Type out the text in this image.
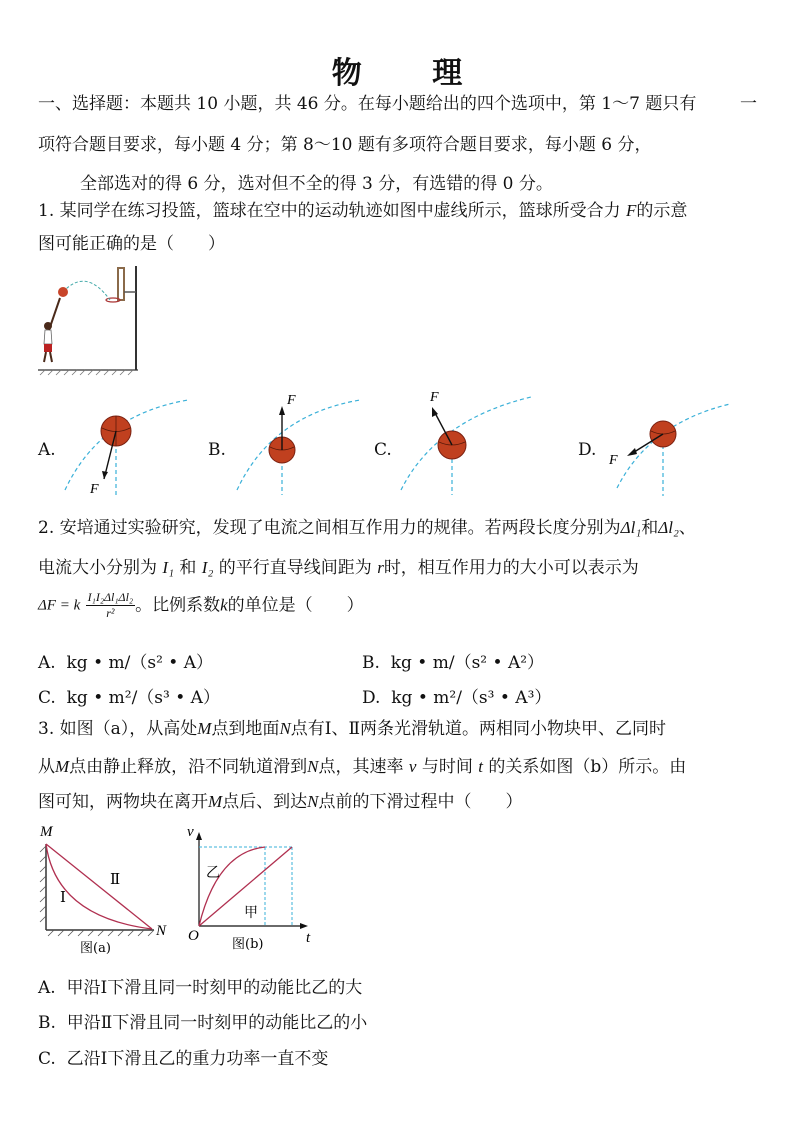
物 理
一、选择题：本题共 10 小题，共 46 分。在每小题给出的四个选项中，第 1～7 题只有	一
项符合题目要求，每小题 4 分；第 8～10 题有多项符合题目要求，每小题 6 分，
全部选对的得 6 分，选对但不全的得 3 分，有选错的得 0 分。
1. 某同学在练习投篮，篮球在空中的运动轨迹如图中虚线所示，篮球所受合力 F的示意
图可能正确的是（　　）
A.
F
B.
F
C.
F
D.
F
2. 安培通过实验研究，发现了电流之间相互作用力的规律。若两段长度分别为Δl₁和Δl₂、
电流大小分别为 I₁ 和 I₂ 的平行直导线间距为 r时，相互作用力的大小可以表示为
ΔF = k $\frac{\text{I₁I₂Δl₁Δl₂}}{\text{r²}}$ 。比例系数k的单位是（　　）
A. kg • m/（s² • A）	B. kg • m/（s² • A²）
C. kg • m²/（s³ • A）	D. kg • m²/（s³ • A³）
3. 如图（a），从高处M点到地面N点有Ⅰ、Ⅱ两条光滑轨道。两相同小物块甲、乙同时
从M点由静止释放，沿不同轨道滑到N点，其速率 v 与时间 t 的关系如图（b）所示。由
图可知，两物块在离开M点后、到达N点前的下滑过程中（　　）
M
Ⅰ
Ⅱ
N
图(a)
v
乙
甲
O	t
图(b)
A. 甲沿Ⅰ下滑且同一时刻甲的动能比乙的大
B. 甲沿Ⅱ下滑且同一时刻甲的动能比乙的小
C. 乙沿Ⅰ下滑且乙的重力功率一直不变
